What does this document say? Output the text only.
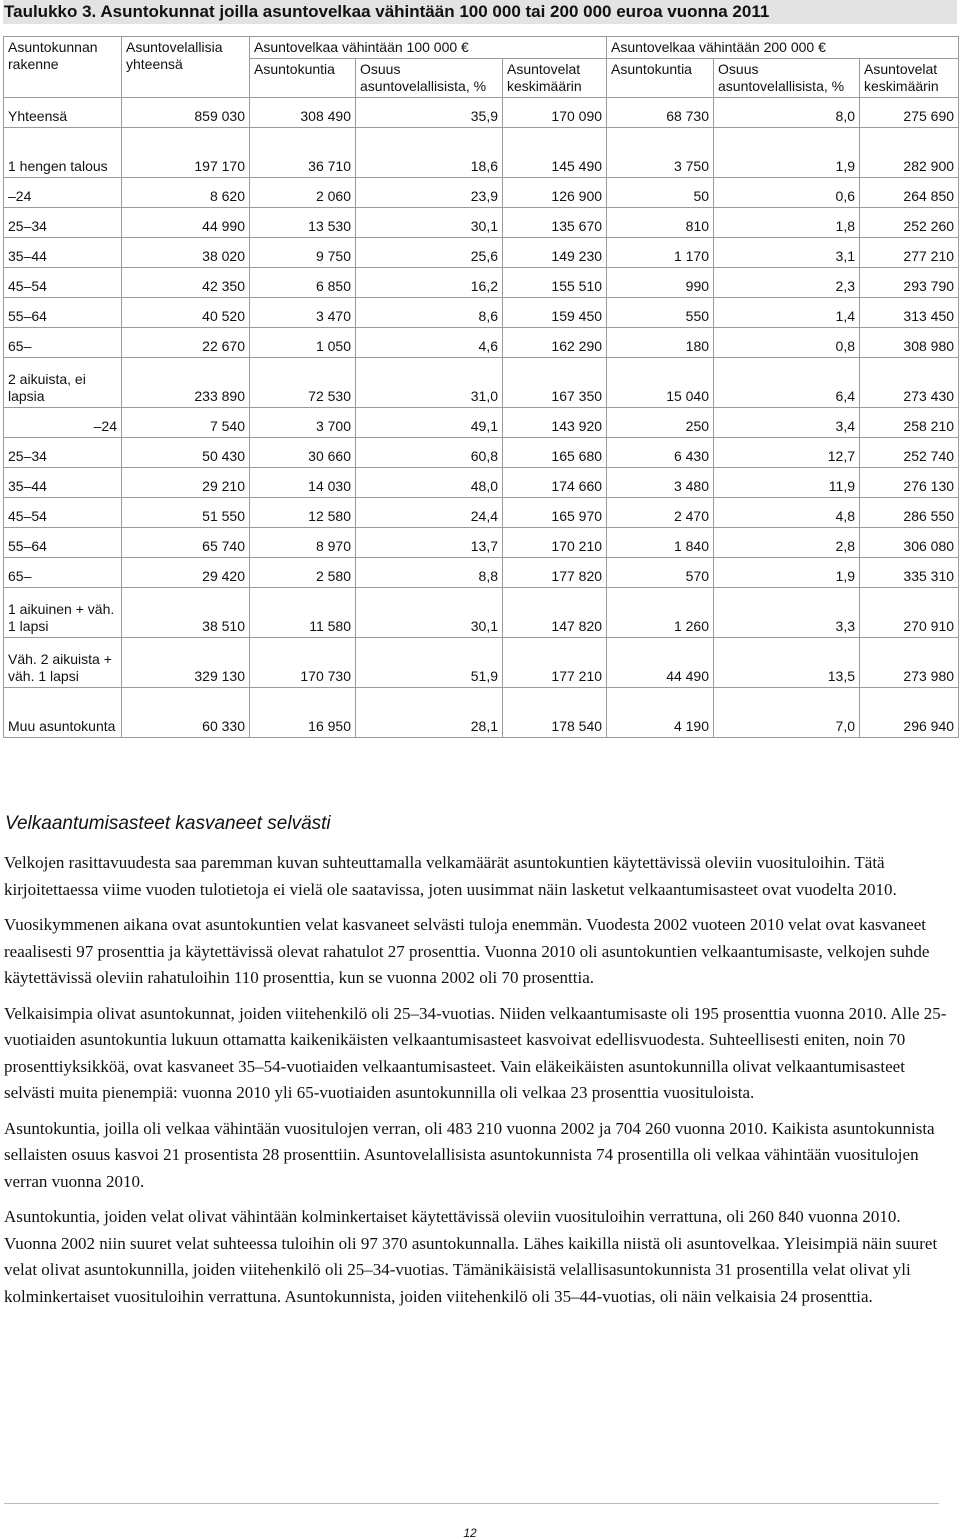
Taulukko 3. Asuntokunnat joilla asuntovelkaa vähintään 100 000 tai 200 000 euroa vuonna 2011
Asuntokunnan rakenne	Asuntovelallisia yhteensä	Asuntovelkaa vähintään 100 000 €			Asuntovelkaa vähintään 200 000 €		
		Asuntokuntia	Osuus asuntovelallisista, %	Asuntovelat keskimäärin	Asuntokuntia	Osuus asuntovelallisista, %	Asuntovelat keskimäärin
Yhteensä	859 030	308 490	35,9	170 090	68 730	8,0	275 690
1 hengen talous	197 170	36 710	18,6	145 490	3 750	1,9	282 900
–24	8 620	2 060	23,9	126 900	50	0,6	264 850
25–34	44 990	13 530	30,1	135 670	810	1,8	252 260
35–44	38 020	9 750	25,6	149 230	1 170	3,1	277 210
45–54	42 350	6 850	16,2	155 510	990	2,3	293 790
55–64	40 520	3 470	8,6	159 450	550	1,4	313 450
65–	22 670	1 050	4,6	162 290	180	0,8	308 980
2 aikuista, ei lapsia	233 890	72 530	31,0	167 350	15 040	6,4	273 430
–24	7 540	3 700	49,1	143 920	250	3,4	258 210
25–34	50 430	30 660	60,8	165 680	6 430	12,7	252 740
35–44	29 210	14 030	48,0	174 660	3 480	11,9	276 130
45–54	51 550	12 580	24,4	165 970	2 470	4,8	286 550
55–64	65 740	8 970	13,7	170 210	1 840	2,8	306 080
65–	29 420	2 580	8,8	177 820	570	1,9	335 310
1 aikuinen + väh. 1 lapsi	38 510	11 580	30,1	147 820	1 260	3,3	270 910
Väh. 2 aikuista + väh. 1 lapsi	329 130	170 730	51,9	177 210	44 490	13,5	273 980
Muu asuntokunta	60 330	16 950	28,1	178 540	4 190	7,0	296 940
Velkaantumisasteet kasvaneet selvästi

Velkojen rasittavuudesta saa paremman kuvan suhteuttamalla velkamäärät asuntokuntien käytettävissä oleviin vuosituloihin. Tätä kirjoitettaessa viime vuoden tulotietoja ei vielä ole saatavissa, joten uusimmat näin lasketut velkaantumisasteet ovat vuodelta 2010.

Vuosikymmenen aikana ovat asuntokuntien velat kasvaneet selvästi tuloja enemmän. Vuodesta 2002 vuoteen 2010 velat ovat kasvaneet reaalisesti 97 prosenttia ja käytettävissä olevat rahatulot 27 prosenttia. Vuonna 2010 oli asuntokuntien velkaantumisaste, velkojen suhde käytettävissä oleviin rahatuloihin 110 prosenttia, kun se vuonna 2002 oli 70 prosenttia.

Velkaisimpia olivat asuntokunnat, joiden viitehenkilö oli 25–34-vuotias. Niiden velkaantumisaste oli 195 prosenttia vuonna 2010. Alle 25-vuotiaiden asuntokuntia lukuun ottamatta kaikenikäisten velkaantumisasteet kasvoivat edellisvuodesta. Suhteellisesti eniten, noin 70 prosenttiyksikköä, ovat kasvaneet 35–54-vuotiaiden velkaantumisasteet. Vain eläkeikäisten asuntokunnilla olivat velkaantumisasteet selvästi muita pienempiä: vuonna 2010 yli 65-vuotiaiden asuntokunnilla oli velkaa 23 prosenttia vuosituloista.

Asuntokuntia, joilla oli velkaa vähintään vuositulojen verran, oli 483 210 vuonna 2002 ja 704 260 vuonna 2010. Kaikista asuntokunnista sellaisten osuus kasvoi 21 prosentista 28 prosenttiin. Asuntovelallisista asuntokunnista 74 prosentilla oli velkaa vähintään vuositulojen verran vuonna 2010.

Asuntokuntia, joiden velat olivat vähintään kolminkertaiset käytettävissä oleviin vuosituloihin verrattuna, oli 260 840 vuonna 2010. Vuonna 2002 niin suuret velat suhteessa tuloihin oli 97 370 asuntokunnalla. Lähes kaikilla niistä oli asuntovelkaa. Yleisimpiä näin suuret velat olivat asuntokunnilla, joiden viitehenkilö oli 25–34-vuotias. Tämänikäisistä velallisasuntokunnista 31 prosentilla velat olivat yli kolminkertaiset vuosituloihin verrattuna. Asuntokunnista, joiden viitehenkilö oli 35–44-vuotias, oli näin velkaisia 24 prosenttia.

12
